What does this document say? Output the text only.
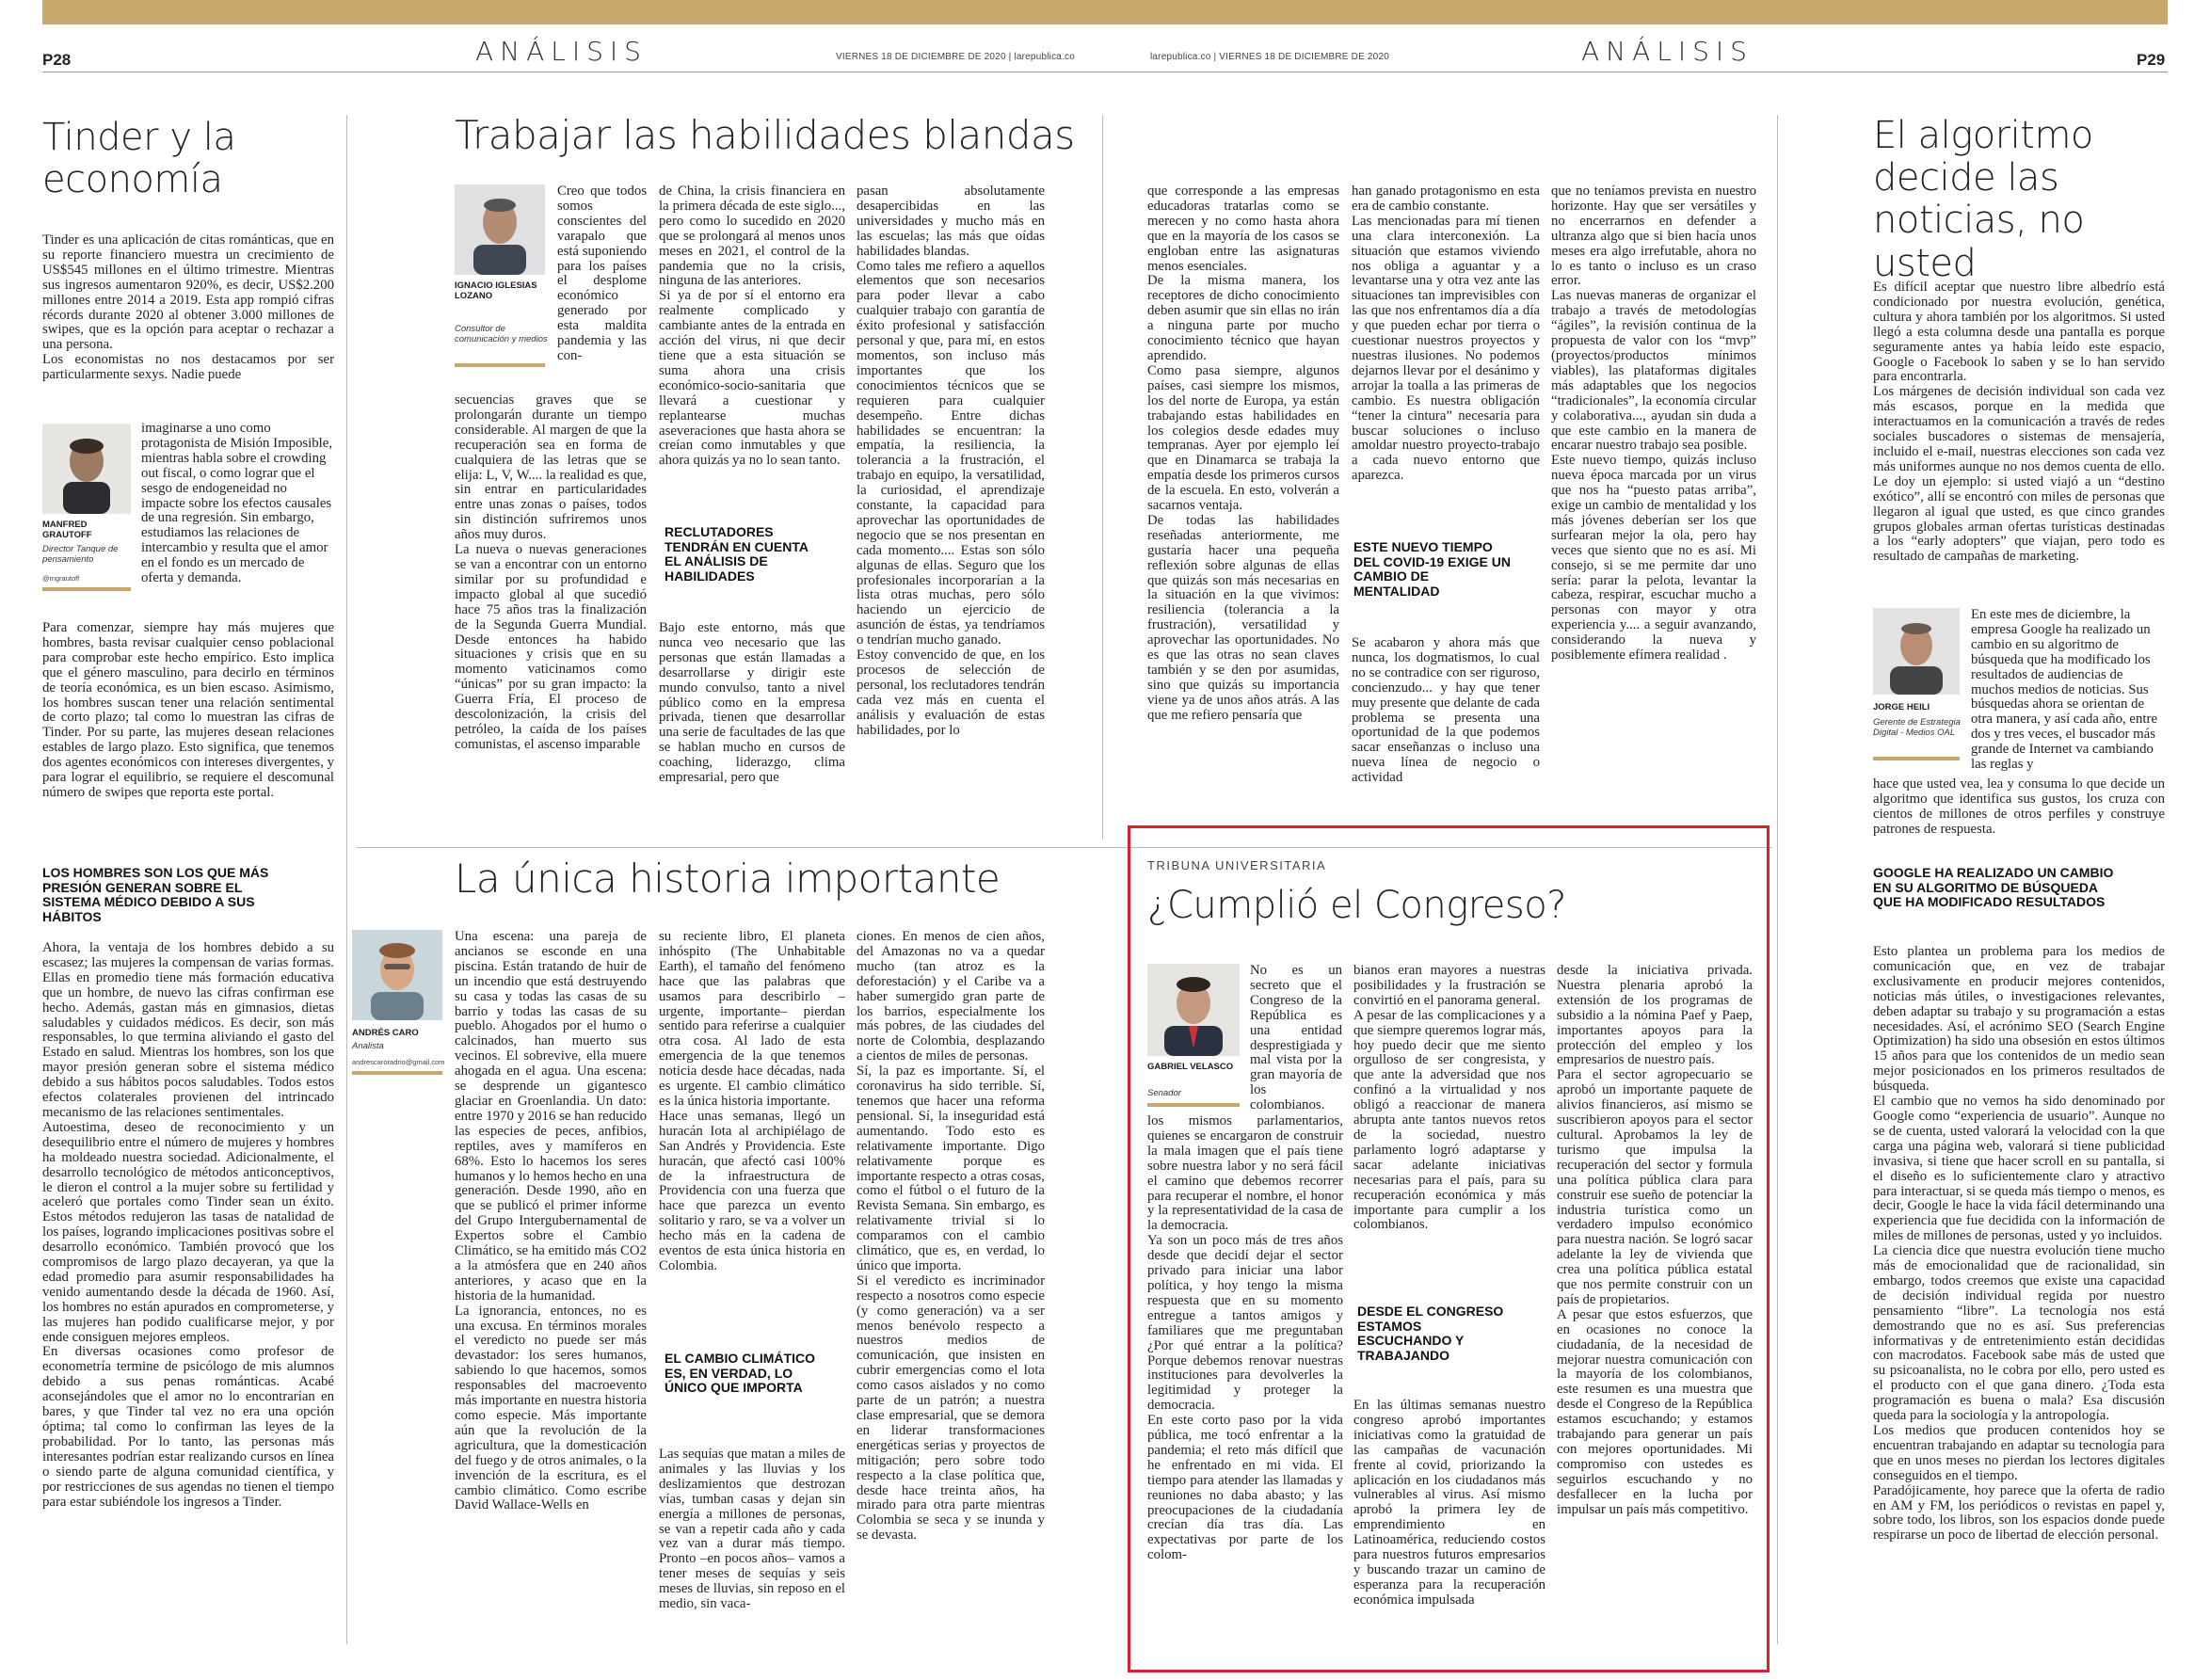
P28	ANÁLISIS	VIERNES 18 DE DICIEMBRE DE 2020 | larepublica.co	larepublica.co | VIERNES 18 DE DICIEMBRE DE 2020	ANÁLISIS	P29
Tinder y la economía
Tinder es una aplicación de citas románticas, que en su reporte financiero muestra un crecimiento de US$545 millones en el último trimestre. Mientras sus ingresos aumentaron 920%, es decir, US$2.200 millones entre 2014 a 2019. Esta app rompió cifras récords durante 2020 al obtener 3.000 millones de swipes, que es la opción para aceptar o rechazar a una persona.
Los economistas no nos destacamos por ser particularmente sexys. Nadie puede
MANFRED GRAUTOFF
Director Tanque de pensamiento
@mgrautoff
imaginarse a uno como protagonista de Misión Imposible, mientras habla sobre el crowding out fiscal, o como lograr que el sesgo de endogeneidad no impacte sobre los efectos causales de una regresión. Sin embargo, estudiamos las relaciones de intercambio y resulta que el amor en el fondo es un mercado de oferta y demanda.
Para comenzar, siempre hay más mujeres que hombres, basta revisar cualquier censo poblacional para comprobar este hecho empírico. Esto implica que el género masculino, para decirlo en términos de teoría económica, es un bien escaso. Asimismo, los hombres suscan tener una relación sentimental de corto plazo; tal como lo muestran las cifras de Tinder. Por su parte, las mujeres desean relaciones estables de largo plazo. Esto significa, que tenemos dos agentes económicos con intereses divergentes, y para lograr el equilibrio, se requiere el descomunal número de swipes que reporta este portal.
LOS HOMBRES SON LOS QUE MÁS PRESIÓN GENERAN SOBRE EL SISTEMA MÉDICO DEBIDO A SUS HÁBITOS
Ahora, la ventaja de los hombres debido a su escasez; las mujeres la compensan de varias formas. Ellas en promedio tiene más formación educativa que un hombre, de nuevo las cifras confirman ese hecho. Además, gastan más en gimnasios, dietas saludables y cuidados médicos. Es decir, son más responsables, lo que termina aliviando el gasto del Estado en salud. Mientras los hombres, son los que mayor presión generan sobre el sistema médico debido a sus hábitos pocos saludables. Todos estos efectos colaterales provienen del intrincado mecanismo de las relaciones sentimentales.
Autoestima, deseo de reconocimiento y un desequilibrio entre el número de mujeres y hombres ha moldeado nuestra sociedad. Adicionalmente, el desarrollo tecnológico de métodos anticonceptivos, le dieron el control a la mujer sobre su fertilidad y aceleró que portales como Tinder sean un éxito. Estos métodos redujeron las tasas de natalidad de los países, logrando implicaciones positivas sobre el desarrollo económico. También provocó que los compromisos de largo plazo decayeran, ya que la edad promedio para asumir responsabilidades ha venido aumentando desde la década de 1960. Así, los hombres no están apurados en comprometerse, y las mujeres han podido cualificarse mejor, y por ende consiguen mejores empleos.
En diversas ocasiones como profesor de econometría termine de psicólogo de mis alumnos debido a sus penas románticas. Acabé aconsejándoles que el amor no lo encontrarían en bares, y que Tinder tal vez no era una opción óptima; tal como lo confirman las leyes de la probabilidad. Por lo tanto, las personas más interesantes podrían estar realizando cursos en línea o siendo parte de alguna comunidad científica, y por restricciones de sus agendas no tienen el tiempo para estar subiéndole los ingresos a Tinder.
Trabajar las habilidades blandas
IGNACIO IGLESIAS LOZANO
Consultor de comunicación y medios
Creo que todos somos conscientes del varapalo que está suponiendo para los países el desplome económico generado por esta maldita pandemia y las con-
secuencias graves que se prolongarán durante un tiempo considerable. Al margen de que la recuperación sea en forma de cualquiera de las letras que se elija: L, V, W.... la realidad es que, sin entrar en particularidades entre unas zonas o países, todos sin distinción sufriremos unos años muy duros.
La nueva o nuevas generaciones se van a encontrar con un entorno similar por su profundidad e impacto global al que sucedió hace 75 años tras la finalización de la Segunda Guerra Mundial. Desde entonces ha habido situaciones y crisis que en su momento vaticinamos como “únicas” por su gran impacto: la Guerra Fría, El proceso de descolonización, la crisis del petróleo, la caída de los países comunistas, el ascenso imparable
de China, la crisis financiera en la primera década de este siglo..., pero como lo sucedido en 2020 que se prolongará al menos unos meses en 2021, el control de la pandemia que no la crisis, ninguna de las anteriores.
Si ya de por sí el entorno era realmente complicado y cambiante antes de la entrada en acción del virus, ni que decir tiene que a esta situación se suma ahora una crisis económico-socio-sanitaria que llevará a cuestionar y replantearse muchas aseveraciones que hasta ahora se creían como inmutables y que ahora quizás ya no lo sean tanto.
RECLUTADORES TENDRÁN EN CUENTA EL ANÁLISIS DE HABILIDADES
Bajo este entorno, más que nunca veo necesario que las personas que están llamadas a desarrollarse y dirigir este mundo convulso, tanto a nivel público como en la empresa privada, tienen que desarrollar una serie de facultades de las que se hablan mucho en cursos de coaching, liderazgo, clima empresarial, pero que
pasan absolutamente desapercibidas en las universidades y mucho más en las escuelas; las más que oídas habilidades blandas.
Como tales me refiero a aquellos elementos que son necesarios para poder llevar a cabo cualquier trabajo con garantía de éxito profesional y satisfacción personal y que, para mí, en estos momentos, son incluso más importantes que los conocimientos técnicos que se requieren para cualquier desempeño. Entre dichas habilidades se encuentran: la empatía, la resiliencia, la tolerancia a la frustración, el trabajo en equipo, la versatilidad, la curiosidad, el aprendizaje constante, la capacidad para aprovechar las oportunidades de negocio que se nos presentan en cada momento.... Estas son sólo algunas de ellas. Seguro que los profesionales incorporarían a la lista otras muchas, pero sólo haciendo un ejercicio de asunción de éstas, ya tendríamos o tendrían mucho ganado.
Estoy convencido de que, en los procesos de selección de personal, los reclutadores tendrán cada vez más en cuenta el análisis y evaluación de estas habilidades, por lo
que corresponde a las empresas educadoras tratarlas como se merecen y no como hasta ahora que en la mayoría de los casos se engloban entre las asignaturas menos esenciales.
De la misma manera, los receptores de dicho conocimiento deben asumir que sin ellas no irán a ninguna parte por mucho conocimiento técnico que hayan aprendido.
Como pasa siempre, algunos países, casi siempre los mismos, los del norte de Europa, ya están trabajando estas habilidades en los colegios desde edades muy tempranas. Ayer por ejemplo leí que en Dinamarca se trabaja la empatía desde los primeros cursos de la escuela. En esto, volverán a sacarnos ventaja.
De todas las habilidades reseñadas anteriormente, me gustaría hacer una pequeña reflexión sobre algunas de ellas que quizás son más necesarias en la situación en la que vivimos: resiliencia (tolerancia a la frustración), versatilidad y aprovechar las oportunidades. No es que las otras no sean claves también y se den por asumidas, sino que quizás su importancia viene ya de unos años atrás. A las que me refiero pensaría que
han ganado protagonismo en esta era de cambio constante.
Las mencionadas para mí tienen una clara interconexión. La situación que estamos viviendo nos obliga a aguantar y a levantarse una y otra vez ante las situaciones tan imprevisibles con las que nos enfrentamos día a día y que pueden echar por tierra o cuestionar nuestros proyectos y nuestras ilusiones. No podemos dejarnos llevar por el desánimo y arrojar la toalla a las primeras de cambio. Es nuestra obligación “tener la cintura” necesaria para buscar soluciones o incluso amoldar nuestro proyecto-trabajo a cada nuevo entorno que aparezca.
ESTE NUEVO TIEMPO DEL COVID-19 EXIGE UN CAMBIO DE MENTALIDAD
Se acabaron y ahora más que nunca, los dogmatismos, lo cual no se contradice con ser riguroso, concienzudo... y hay que tener muy presente que delante de cada problema se presenta una oportunidad de la que podemos sacar enseñanzas o incluso una nueva línea de negocio o actividad
que no teníamos prevista en nuestro horizonte. Hay que ser versátiles y no encerrarnos en defender a ultranza algo que si bien hacía unos meses era algo irrefutable, ahora no lo es tanto o incluso es un craso error.
Las nuevas maneras de organizar el trabajo a través de metodologías “ágiles”, la revisión continua de la propuesta de valor con los “mvp” (proyectos/productos mínimos viables), las plataformas digitales más adaptables que los negocios “tradicionales”, la economía circular y colaborativa..., ayudan sin duda a que este cambio en la manera de encarar nuestro trabajo sea posible.
Este nuevo tiempo, quizás incluso nueva época marcada por un virus que nos ha “puesto patas arriba”, exige un cambio de mentalidad y los más jóvenes deberían ser los que surfearan mejor la ola, pero hay veces que siento que no es así. Mi consejo, si se me permite dar uno sería: parar la pelota, levantar la cabeza, respirar, escuchar mucho a personas con mayor y otra experiencia y.... a seguir avanzando, considerando la nueva y posiblemente efímera realidad .
La única historia importante
ANDRÉS CARO
Analista
andrescaroradrio@gmail.com
Una escena: una pareja de ancianos se esconde en una piscina. Están tratando de huir de un incendio que está destruyendo su casa y todas las casas de su barrio y todas las casas de su pueblo. Ahogados por el humo o calcinados, han muerto sus vecinos. El sobrevive, ella muere ahogada en el agua. Una escena: se desprende un gigantesco glaciar en Groenlandia. Un dato: entre 1970 y 2016 se han reducido las especies de peces, anfibios, reptiles, aves y mamíferos en 68%. Esto lo hacemos los seres humanos y lo hemos hecho en una generación. Desde 1990, año en que se publicó el primer informe del Grupo Intergubernamental de Expertos sobre el Cambio Climático, se ha emitido más CO2 a la atmósfera que en 240 años anteriores, y acaso que en la historia de la humanidad.
La ignorancia, entonces, no es una excusa. En términos morales el veredicto no puede ser más devastador: los seres humanos, sabiendo lo que hacemos, somos responsables del macroevento más importante en nuestra historia como especie. Más importante aún que la revolución de la agricultura, que la domesticación del fuego y de otros animales, o la invención de la escritura, es el cambio climático. Como escribe David Wallace-Wells en
su reciente libro, El planeta inhóspito (The Unhabitable Earth), el tamaño del fenómeno hace que las palabras que usamos para describirlo –urgente, importante– pierdan sentido para referirse a cualquier otra cosa. Al lado de esta emergencia de la que tenemos noticia desde hace décadas, nada es urgente. El cambio climático es la única historia importante.
Hace unas semanas, llegó un huracán Iota al archipiélago de San Andrés y Providencia. Este huracán, que afectó casi 100% de la infraestructura de Providencia con una fuerza que hace que parezca un evento solitario y raro, se va a volver un hecho más en la cadena de eventos de esta única historia en Colombia.
EL CAMBIO CLIMÁTICO ES, EN VERDAD, LO ÚNICO QUE IMPORTA
Las sequías que matan a miles de animales y las lluvias y los deslizamientos que destrozan vías, tumban casas y dejan sin energía a millones de personas, se van a repetir cada año y cada vez van a durar más tiempo. Pronto –en pocos años– vamos a tener meses de sequías y seis meses de lluvias, sin reposo en el medio, sin vaca-
ciones. En menos de cien años, del Amazonas no va a quedar mucho (tan atroz es la deforestación) y el Caribe va a haber sumergido gran parte de los barrios, especialmente los más pobres, de las ciudades del norte de Colombia, desplazando a cientos de miles de personas.
Sí, la paz es importante. Sí, el coronavirus ha sido terrible. Sí, tenemos que hacer una reforma pensional. Sí, la inseguridad está aumentando. Todo esto es relativamente importante. Digo relativamente porque es importante respecto a otras cosas, como el fútbol o el futuro de la Revista Semana. Sin embargo, es relativamente trivial si lo comparamos con el cambio climático, que es, en verdad, lo único que importa.
Si el veredicto es incriminador respecto a nosotros como especie (y como generación) va a ser menos benévolo respecto a nuestros medios de comunicación, que insisten en cubrir emergencias como el lota como casos aislados y no como parte de un patrón; a nuestra clase empresarial, que se demora en liderar transformaciones energéticas serias y proyectos de mitigación; pero sobre todo respecto a la clase política que, desde hace treinta años, ha mirado para otra parte mientras Colombia se seca y se inunda y se devasta.
TRIBUNA UNIVERSITARIA
¿Cumplió el Congreso?
GABRIEL VELASCO
Senador
No es un secreto que el Congreso de la República es una entidad desprestigiada y mal vista por la gran mayoría de los colombianos.
los mismos parlamentarios, quienes se encargaron de construir la mala imagen que el país tiene sobre nuestra labor y no será fácil el camino que debemos recorrer para recuperar el nombre, el honor y la representatividad de la casa de la democracia.
Ya son un poco más de tres años desde que decidí dejar el sector privado para iniciar una labor política, y hoy tengo la misma respuesta que en su momento entregue a tantos amigos y familiares que me preguntaban ¿Por qué entrar a la política? Porque debemos renovar nuestras instituciones para devolverles la legitimidad y proteger la democracia.
En este corto paso por la vida pública, me tocó enfrentar a la pandemia; el reto más difícil que he enfrentado en mi vida. El tiempo para atender las llamadas y reuniones no daba abasto; y las preocupaciones de la ciudadanía crecían día tras día. Las expectativas por parte de los colom-
bianos eran mayores a nuestras posibilidades y la frustración se convirtió en el panorama general.
A pesar de las complicaciones y a que siempre queremos lograr más, hoy puedo decir que me siento orgulloso de ser congresista, y que ante la adversidad que nos confinó a la virtualidad y nos obligó a reaccionar de manera abrupta ante tantos nuevos retos de la sociedad, nuestro parlamento logró adaptarse y sacar adelante iniciativas necesarias para el país, para su recuperación económica y más importante para cumplir a los colombianos.
DESDE EL CONGRESO ESTAMOS ESCUCHANDO Y TRABAJANDO
En las últimas semanas nuestro congreso aprobó importantes iniciativas como la gratuidad de las campañas de vacunación frente al covid, priorizando la aplicación en los ciudadanos más vulnerables al virus. Así mismo aprobó la primera ley de emprendimiento en Latinoamérica, reduciendo costos para nuestros futuros empresarios y buscando trazar un camino de esperanza para la recuperación económica impulsada
desde la iniciativa privada. Nuestra plenaria aprobó la extensión de los programas de subsidio a la nómina Paef y Paep, importantes apoyos para la protección del empleo y los empresarios de nuestro país.
Para el sector agropecuario se aprobó un importante paquete de alivios financieros, así mismo se suscribieron apoyos para el sector cultural. Aprobamos la ley de turismo que impulsa la recuperación del sector y formula una política pública clara para construir ese sueño de potenciar la industria turística como un verdadero impulso económico para nuestra nación. Se logró sacar adelante la ley de vivienda que crea una política pública estatal que nos permite construir con un país de propietarios.
A pesar que estos esfuerzos, que en ocasiones no conoce la ciudadanía, de la necesidad de mejorar nuestra comunicación con la mayoría de los colombianos, este resumen es una muestra que desde el Congreso de la República estamos escuchando; y estamos trabajando para generar un país con mejores oportunidades. Mi compromiso con ustedes es seguirlos escuchando y no desfallecer en la lucha por impulsar un país más competitivo.
El algoritmo decide las noticias, no usted
Es difícil aceptar que nuestro libre albedrío está condicionado por nuestra evolución, genética, cultura y ahora también por los algoritmos. Si usted llegó a esta columna desde una pantalla es porque seguramente antes ya había leído este espacio, Google o Facebook lo saben y se lo han servido para encontrarla.
Los márgenes de decisión individual son cada vez más escasos, porque en la medida que interactuamos en la comunicación a través de redes sociales buscadores o sistemas de mensajería, incluido el e-mail, nuestras elecciones son cada vez más uniformes aunque no nos demos cuenta de ello. Le doy un ejemplo: si usted viajó a un “destino exótico”, allí se encontró con miles de personas que llegaron al igual que usted, es que cinco grandes grupos globales arman ofertas turísticas destinadas a los “early adopters” que viajan, pero todo es resultado de campañas de marketing.
JORGE HEILI
Gerente de Estrategia Digital - Medios OAL
En este mes de diciembre, la empresa Google ha realizado un cambio en su algoritmo de búsqueda que ha modificado los resultados de audiencias de muchos medios de noticias. Sus búsquedas ahora se orientan de otra manera, y así cada año, entre dos y tres veces, el buscador más grande de Internet va cambiando las reglas y
hace que usted vea, lea y consuma lo que decide un algoritmo que identifica sus gustos, los cruza con cientos de millones de otros perfiles y construye patrones de respuesta.
GOOGLE HA REALIZADO UN CAMBIO EN SU ALGORITMO DE BÚSQUEDA QUE HA MODIFICADO RESULTADOS
Esto plantea un problema para los medios de comunicación que, en vez de trabajar exclusivamente en producir mejores contenidos, noticias más útiles, o investigaciones relevantes, deben adaptar su trabajo y su programación a estas necesidades. Así, el acrónimo SEO (Search Engine Optimization) ha sido una obsesión en estos últimos 15 años para que los contenidos de un medio sean mejor posicionados en los primeros resultados de búsqueda.
El cambio que no vemos ha sido denominado por Google como “experiencia de usuario”. Aunque no se de cuenta, usted valorará la velocidad con la que carga una página web, valorará si tiene publicidad invasiva, si tiene que hacer scroll en su pantalla, si el diseño es lo suficientemente claro y atractivo para interactuar, si se queda más tiempo o menos, es decir, Google le hace la vida fácil determinando una experiencia que fue decidida con la información de miles de millones de personas, usted y yo incluidos.
La ciencia dice que nuestra evolución tiene mucho más de emocionalidad que de racionalidad, sin embargo, todos creemos que existe una capacidad de decisión individual regida por nuestro pensamiento “libre”. La tecnología nos está demostrando que no es así. Sus preferencias informativas y de entretenimiento están decididas con macrodatos. Facebook sabe más de usted que su psicoanalista, no le cobra por ello, pero usted es el producto con el que gana dinero. ¿Toda esta programación es buena o mala? Esa discusión queda para la sociología y la antropología.
Los medios que producen contenidos hoy se encuentran trabajando en adaptar su tecnología para que en unos meses no pierdan los lectores digitales conseguidos en el tiempo.
Paradójicamente, hoy parece que la oferta de radio en AM y FM, los periódicos o revistas en papel y, sobre todo, los libros, son los espacios donde puede respirarse un poco de libertad de elección personal.
